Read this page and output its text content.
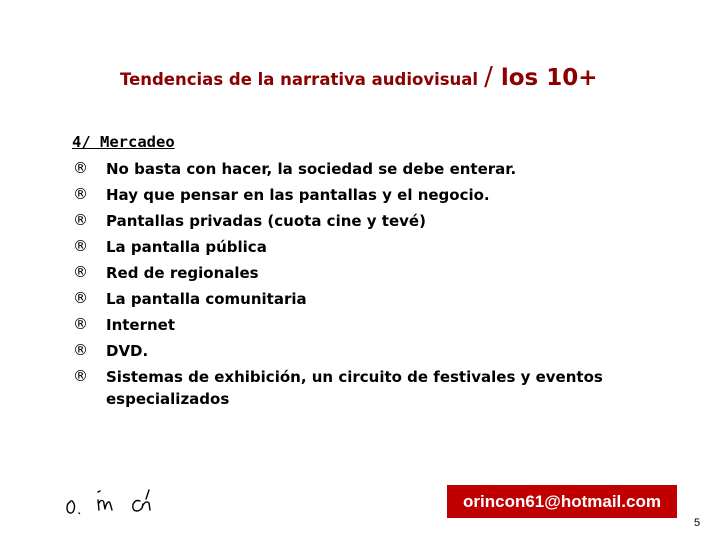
Tendencias de la narrativa audiovisual / los 10+
4/ Mercadeo
® No basta con hacer, la sociedad se debe enterar.
® Hay que pensar en las pantallas y el negocio.
® Pantallas privadas (cuota cine y tevé)
® La pantalla pública
® Red de regionales
® La pantalla comunitaria
® Internet
® DVD.
® Sistemas de exhibición, un circuito de festivales y eventos especializados
orincon61@hotmail.com
5
